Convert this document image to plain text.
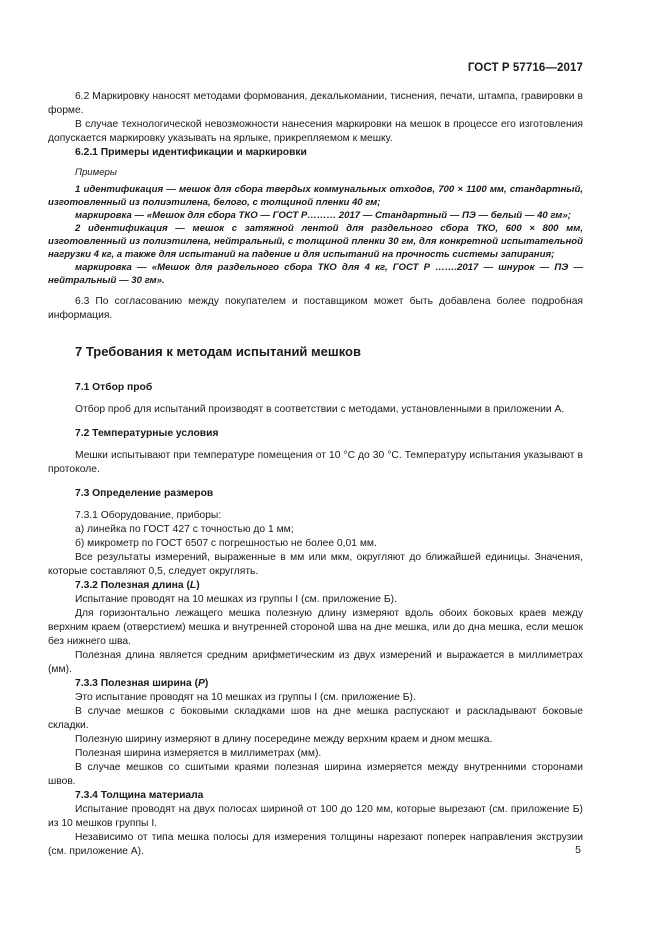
ГОСТ Р 57716—2017

6.2 Маркировку наносят методами формования, декалькомании, тиснения, печати, штампа, гравировки в форме.

В случае технологической невозможности нанесения маркировки на мешок в процессе его изготовления допускается маркировку указывать на ярлыке, прикрепляемом к мешку.

6.2.1 Примеры идентификации и маркировки

Примеры

1 идентификация — мешок для сбора твердых коммунальных отходов, 700 × 1100 мм, стандартный, изготовленный из полиэтилена, белого, с толщиной пленки 40 гм;

маркировка — «Мешок для сбора ТКО — ГОСТ Р……… 2017 — Стандартный — ПЭ — белый — 40 гм»;

2 идентификация — мешок с затяжной лентой для раздельного сбора ТКО, 600 × 800 мм, изготовленный из полиэтилена, нейтральный, с толщиной пленки 30 гм, для конкретной испытательной нагрузки 4 кг, а также для испытаний на падение и для испытаний на прочность системы запирания;

маркировка — «Мешок для раздельного сбора ТКО для 4 кг, ГОСТ Р …….2017 — шнурок — ПЭ — нейтральный — 30 гм».

6.3 По согласованию между покупателем и поставщиком может быть добавлена более подробная информация.

7 Требования к методам испытаний мешков

7.1 Отбор проб

Отбор проб для испытаний производят в соответствии с методами, установленными в приложении А.

7.2 Температурные условия

Мешки испытывают при температуре помещения от 10 °С до 30 °С. Температуру испытания указывают в протоколе.

7.3 Определение размеров

7.3.1 Оборудование, приборы:

а) линейка по ГОСТ 427 с точностью до 1 мм;

б) микрометр по ГОСТ 6507 с погрешностью не более 0,01 мм.

Все результаты измерений, выраженные в мм или мкм, округляют до ближайшей единицы. Значения, которые составляют 0,5, следует округлять.

7.3.2 Полезная длина (L)

Испытание проводят на 10 мешках из группы I (см. приложение Б).

Для горизонтально лежащего мешка полезную длину измеряют вдоль обоих боковых краев между верхним краем (отверстием) мешка и внутренней стороной шва на дне мешка, или до дна мешка, если мешок без нижнего шва.

Полезная длина является средним арифметическим из двух измерений и выражается в миллиметрах (мм).

7.3.3 Полезная ширина (P)

Это испытание проводят на 10 мешках из группы I (см. приложение Б).

В случае мешков с боковыми складками шов на дне мешка распускают и раскладывают боковые складки.

Полезную ширину измеряют в длину посередине между верхним краем и дном мешка.

Полезная ширина измеряется в миллиметрах (мм).

В случае мешков со сшитыми краями полезная ширина измеряется между внутренними сторонами швов.

7.3.4 Толщина материала

Испытание проводят на двух полосах шириной от 100 до 120 мм, которые вырезают (см. приложение Б) из 10 мешков группы I.

Независимо от типа мешка полосы для измерения толщины нарезают поперек направления экструзии (см. приложение А).	5
